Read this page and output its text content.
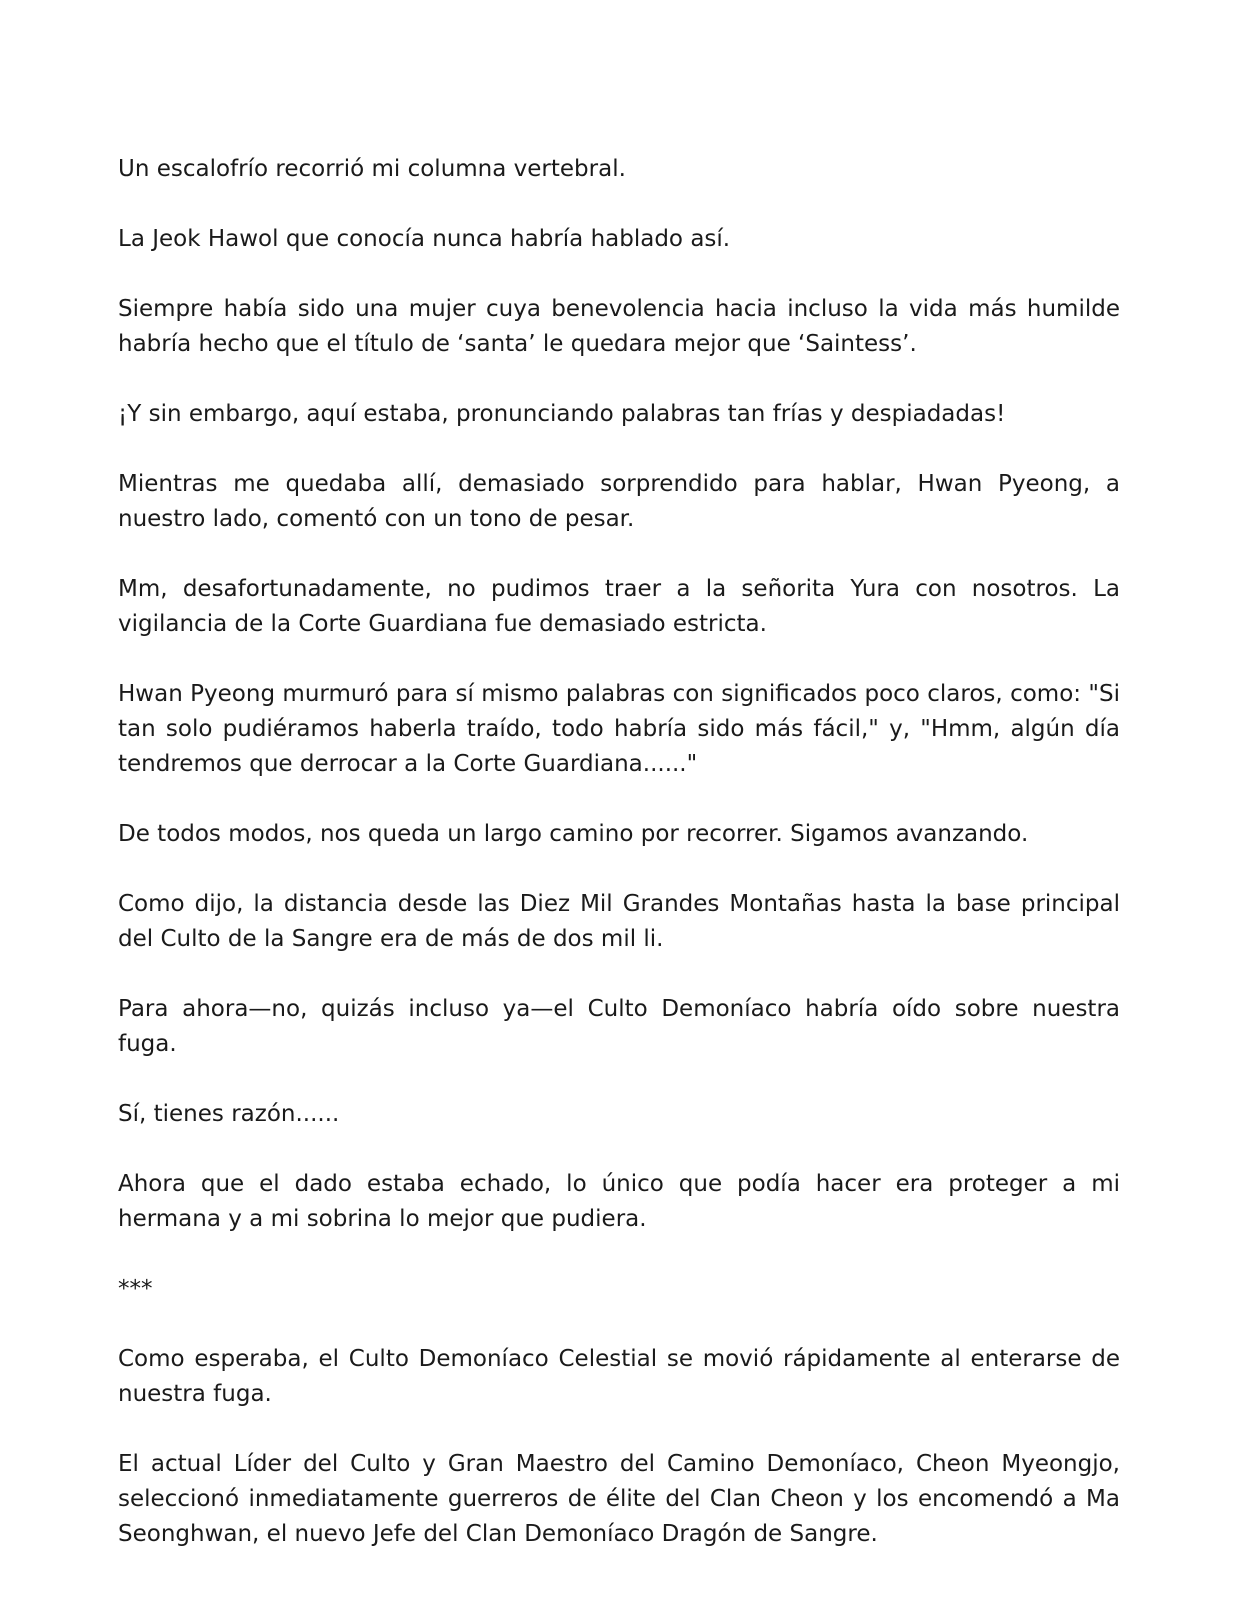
Un escalofrío recorrió mi columna vertebral.

La Jeok Hawol que conocía nunca habría hablado así.

Siempre había sido una mujer cuya benevolencia hacia incluso la vida más humilde habría hecho que el título de ‘santa’ le quedara mejor que ‘Saintess’.

¡Y sin embargo, aquí estaba, pronunciando palabras tan frías y despiadadas!

Mientras me quedaba allí, demasiado sorprendido para hablar, Hwan Pyeong, a nuestro lado, comentó con un tono de pesar.

Mm, desafortunadamente, no pudimos traer a la señorita Yura con nosotros. La vigilancia de la Corte Guardiana fue demasiado estricta.

Hwan Pyeong murmuró para sí mismo palabras con significados poco claros, como: "Si tan solo pudiéramos haberla traído, todo habría sido más fácil," y, "Hmm, algún día tendremos que derrocar a la Corte Guardiana......"

De todos modos, nos queda un largo camino por recorrer. Sigamos avanzando.

Como dijo, la distancia desde las Diez Mil Grandes Montañas hasta la base principal del Culto de la Sangre era de más de dos mil li.

Para ahora—no, quizás incluso ya—el Culto Demoníaco habría oído sobre nuestra fuga.

Sí, tienes razón......

Ahora que el dado estaba echado, lo único que podía hacer era proteger a mi hermana y a mi sobrina lo mejor que pudiera.

***

Como esperaba, el Culto Demoníaco Celestial se movió rápidamente al enterarse de nuestra fuga.

El actual Líder del Culto y Gran Maestro del Camino Demoníaco, Cheon Myeongjo, seleccionó inmediatamente guerreros de élite del Clan Cheon y los encomendó a Ma Seonghwan, el nuevo Jefe del Clan Demoníaco Dragón de Sangre.
